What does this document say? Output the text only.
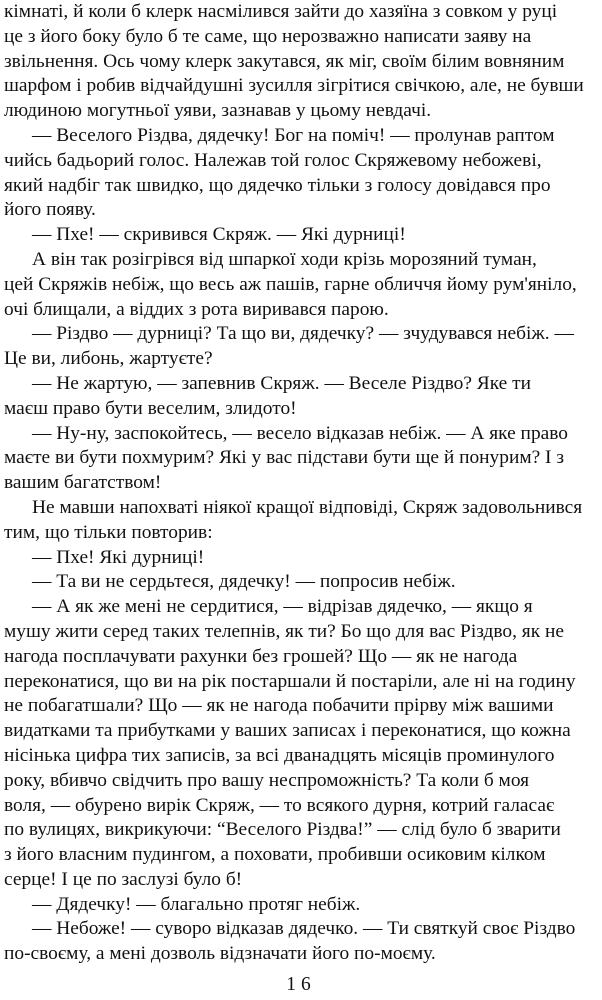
кімнаті, й коли б клерк насмілився зайти до хазяїна з совком у руці
це з його боку було б те саме, що нерозважно написати заяву на
звільнення. Ось чому клерк закутався, як міг, своїм білим вовняним
шарфом і робив відчайдушні зусилля зігрітися свічкою, але, не бувши
людиною могутньої уяви, зазнавав у цьому невдачі.
— Веселого Різдва, дядечку! Бог на поміч! — пролунав раптом
чийсь бадьорий голос. Належав той голос Скряжевому небожеві,
який надбіг так швидко, що дядечко тільки з голосу довідався про
його появу.
— Пхе! — скривився Скряж. — Які дурниці!
А він так розігрівся від шпаркої ходи крізь морозяний туман,
цей Скряжів небіж, що весь аж пашів, гарне обличчя йому рум'яніло,
очі блищали, а віддих з рота виривався парою.
— Різдво — дурниці? Та що ви, дядечку? — зчудувався небіж. —
Це ви, либонь, жартуєте?
— Не жартую, — запевнив Скряж. — Веселе Різдво? Яке ти
маєш право бути веселим, злидото!
— Ну-ну, заспокойтесь, — весело відказав небіж. — А яке право
маєте ви бути похмурим? Які у вас підстави бути ще й понурим? І з
вашим багатством!
Не мавши напохваті ніякої кращої відповіді, Скряж задовольнився
тим, що тільки повторив:
— Пхе! Які дурниці!
— Та ви не сердьтеся, дядечку! — попросив небіж.
— А як же мені не сердитися, — відрізав дядечко, — якщо я
мушу жити серед таких телепнів, як ти? Бо що для вас Різдво, як не
нагода посплачувати рахунки без грошей? Що — як не нагода
переконатися, що ви на рік постаршали й постаріли, але ні на годину
не побагатшали? Що — як не нагода побачити прірву між вашими
видатками та прибутками у ваших записах і переконатися, що кожна
нісінька цифра тих записів, за всі дванадцять місяців проминулого
року, вбивчо свідчить про вашу неспроможність? Та коли б моя
воля, — обурено вирік Скряж, — то всякого дурня, котрий галасає
по вулицях, викрикуючи: “Веселого Різдва!” — слід було б зварити
з його власним пудингом, а поховати, пробивши осиковим кілком
серце! І це по заслузі було б!
— Дядечку! — благально протяг небіж.
— Небоже! — суворо відказав дядечко. — Ти святкуй своє Різдво
по-своєму, а мені дозволь відзначати його по-моєму.
16
